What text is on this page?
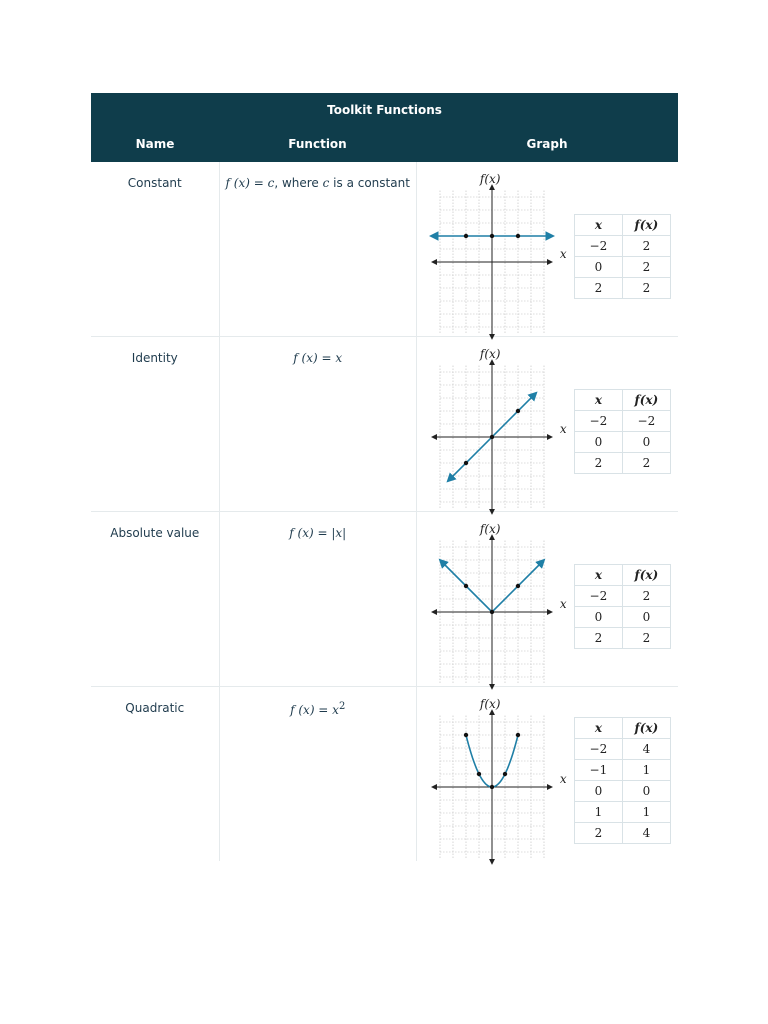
Toolkit Functions
Name	Function	Graph
Constant	f (x) = c, where c is a constant	f(x)
x
x	f(x)
−2	2
0	2
2	2
Identity	f (x) = x	f(x)
x
x	f(x)
−2	−2
0	0
2	2
Absolute value	f (x) = |x|	f(x)
x
x	f(x)
−2	2
0	0
2	2
Quadratic	f $(x) = x^2$	f(x)
x
x	f(x)
−2	4
−1	1
0	0
1	1
2	4
